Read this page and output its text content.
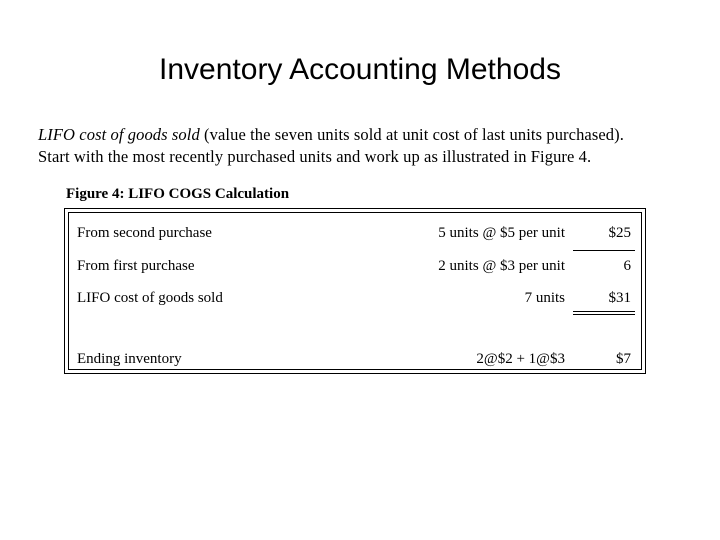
Inventory Accounting Methods
LIFO cost of goods sold (value the seven units sold at unit cost of last units purchased).
Start with the most recently purchased units and work up as illustrated in Figure 4.
Figure 4: LIFO COGS Calculation
From second purchase	5 units @ $5 per unit	$25
From first purchase	2 units @ $3 per unit	6
LIFO cost of goods sold	7 units	$31
Ending inventory	2@$2 + 1@$3	$7
